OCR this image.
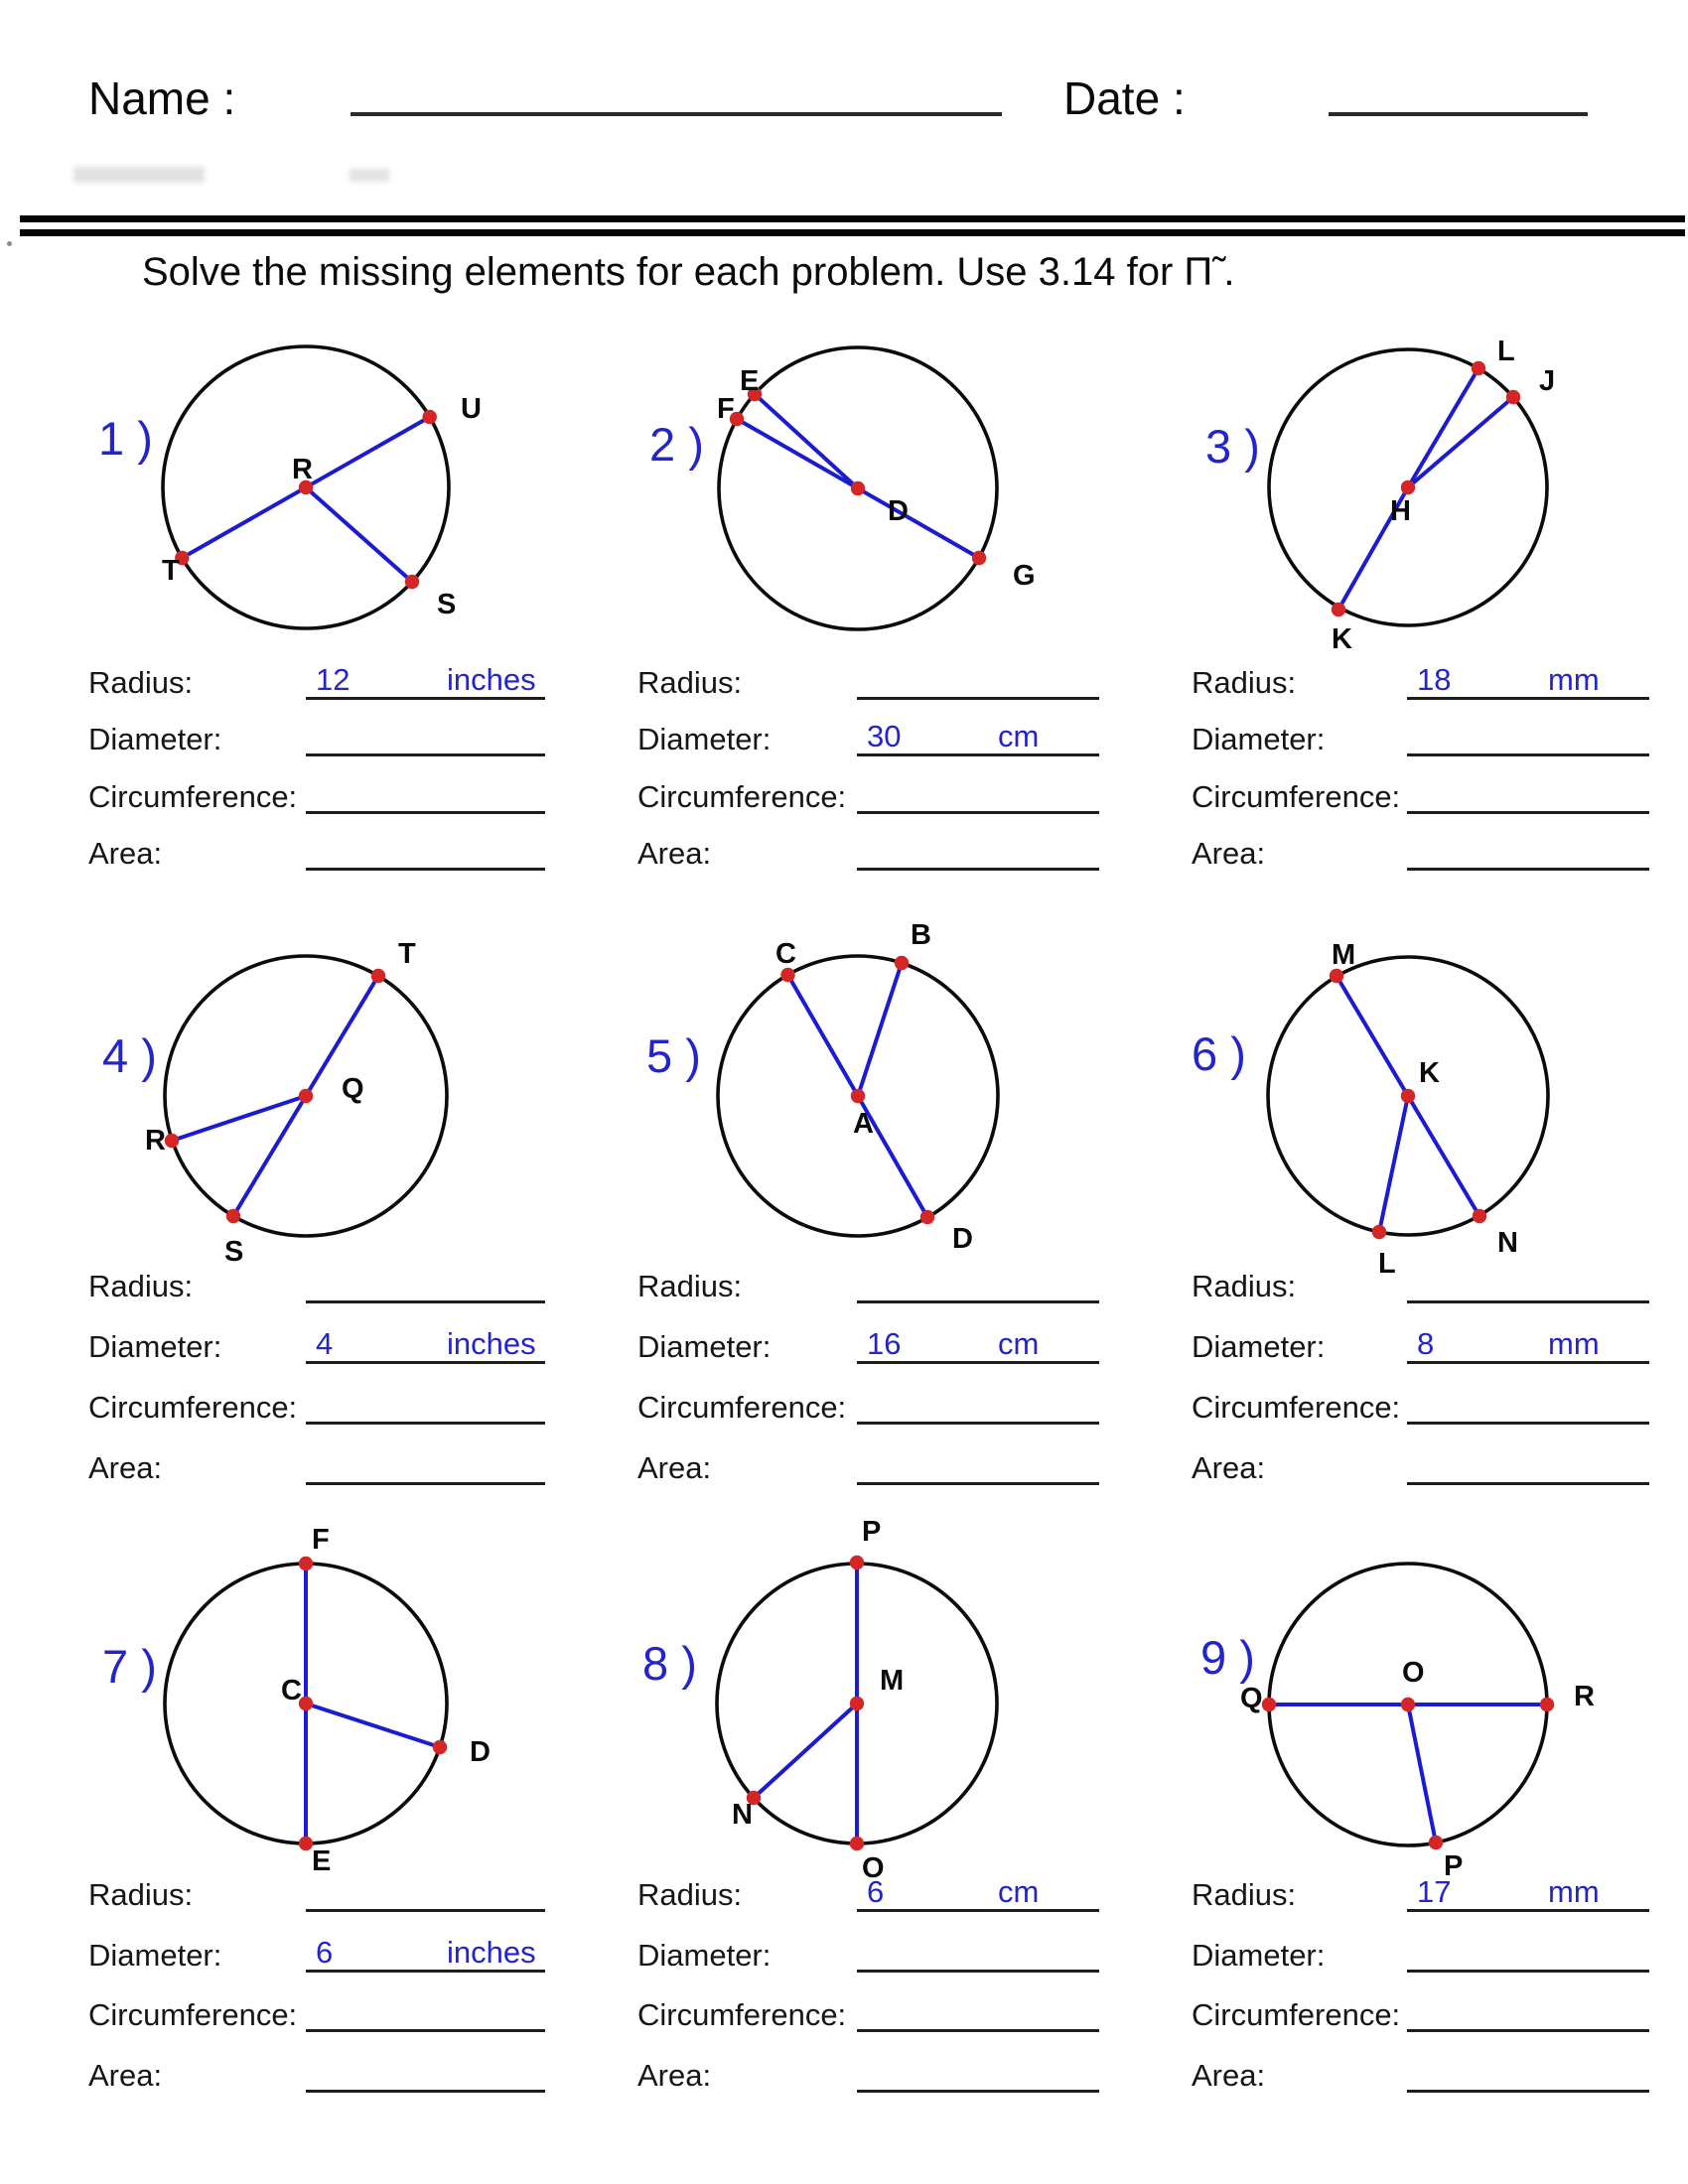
Name :	Date :
Solve the missing elements for each problem. Use 3.14 for Π̃ .
R
U
T
S
1 )
E
F
D
G
2 )
H
L
J
K
3 )
Q
T
R
S
4 )
A
C
B
D
5 )	K
M
L
N
6 )
C
F
D
E
7 )	M
P
N
O
8 )	O
Q	R
P
9 )
Radius:	12	inches
Diameter:
Circumference:
Area:
Radius:
Diameter:	30	cm
Circumference:
Area:
Radius:	18	mm
Diameter:
Circumference:
Area:
Radius:
Diameter:	4	inches
Circumference:
Area:
Radius:
Diameter:	16	cm
Circumference:
Area:
Radius:
Diameter:	8	mm
Circumference:
Area:
Radius:
Diameter:	6	inches
Circumference:
Area:
Radius:	6	cm
Diameter:
Circumference:
Area:
Radius:	17	mm
Diameter:
Circumference:
Area:
